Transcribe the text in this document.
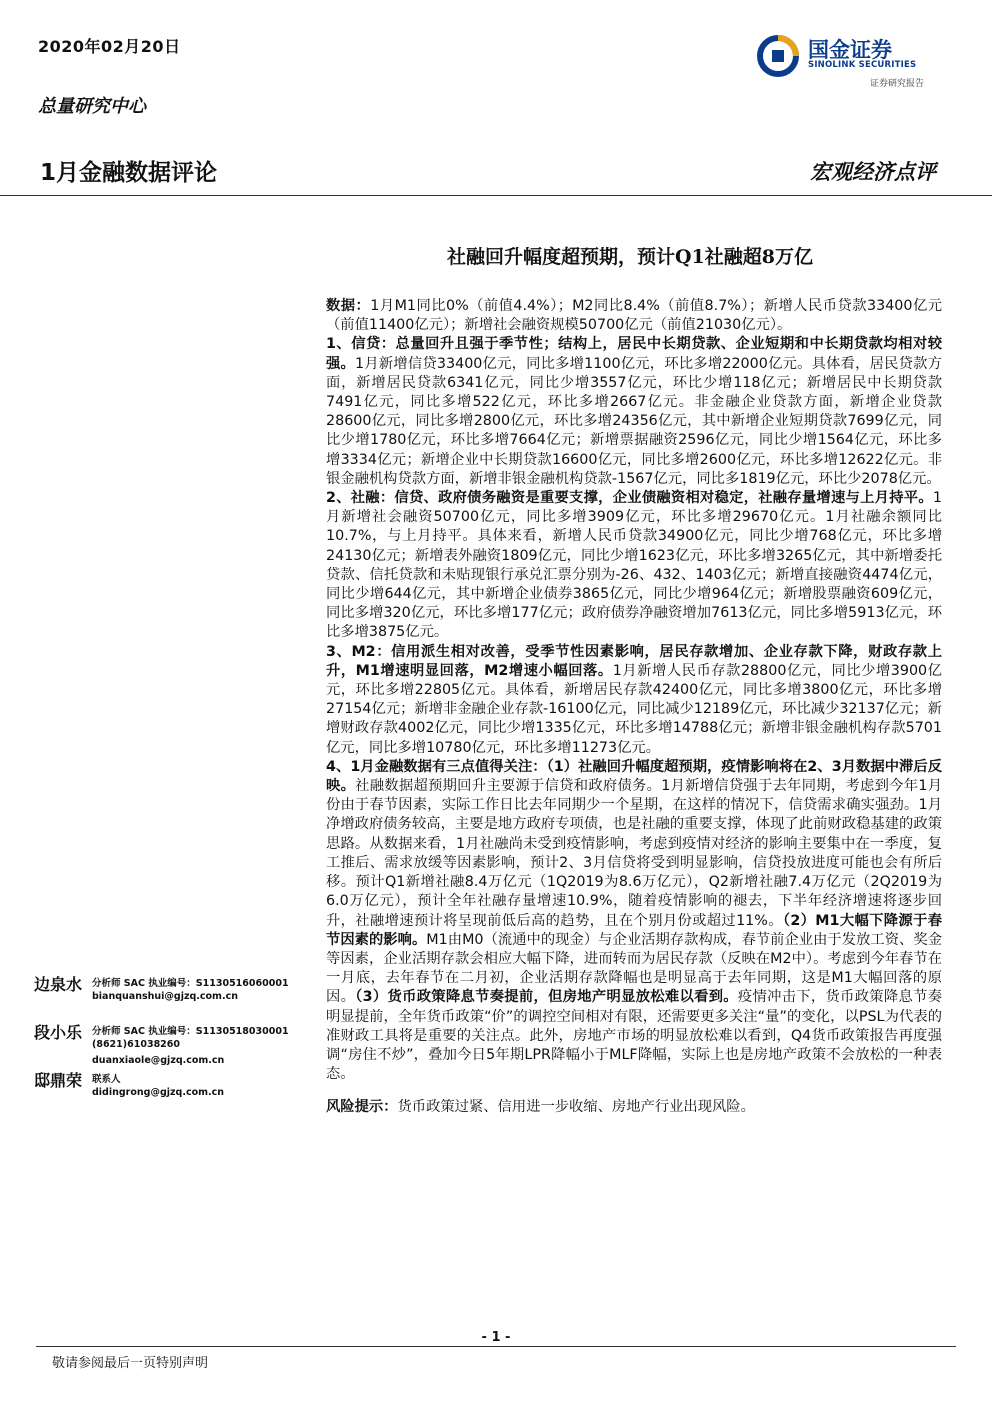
2020年02月20日
总量研究中心
国金证券
SINOLINK SECURITIES
证券研究报告
1月金融数据评论	宏观经济点评
社融回升幅度超预期，预计Q1社融超8万亿

数据：1月M1同比0%（前值4.4%）；M2同比8.4%（前值8.7%）；新增人民币贷款33400亿元（前值11400亿元）；新增社会融资规模50700亿元（前值21030亿元）。

1、信贷：总量回升且强于季节性；结构上，居民中长期贷款、企业短期和中长期贷款均相对较强。1月新增信贷33400亿元，同比多增1100亿元，环比多增22000亿元。具体看，居民贷款方面，新增居民贷款6341亿元，同比少增3557亿元，环比少增118亿元；新增居民中长期贷款7491亿元，同比多增522亿元，环比多增2667亿元。非金融企业贷款方面，新增企业贷款28600亿元，同比多增2800亿元，环比多增24356亿元，其中新增企业短期贷款7699亿元，同比少增1780亿元，环比多增7664亿元；新增票据融资2596亿元，同比少增1564亿元，环比多增3334亿元；新增企业中长期贷款16600亿元，同比多增2600亿元，环比多增12622亿元。非银金融机构贷款方面，新增非银金融机构贷款-1567亿元，同比多1819亿元，环比少2078亿元。

2、社融：信贷、政府债务融资是重要支撑，企业债融资相对稳定，社融存量增速与上月持平。1月新增社会融资50700亿元，同比多增3909亿元，环比多增29670亿元。1月社融余额同比10.7%，与上月持平。具体来看，新增人民币贷款34900亿元，同比少增768亿元，环比多增24130亿元；新增表外融资1809亿元，同比少增1623亿元，环比多增3265亿元，其中新增委托贷款、信托贷款和未贴现银行承兑汇票分别为-26、432、1403亿元；新增直接融资4474亿元，同比少增644亿元，其中新增企业债券3865亿元，同比少增964亿元；新增股票融资609亿元，同比多增320亿元，环比多增177亿元；政府债券净融资增加7613亿元，同比多增5913亿元，环比多增3875亿元。

3、M2：信用派生相对改善，受季节性因素影响，居民存款增加、企业存款下降，财政存款上升，M1增速明显回落，M2增速小幅回落。1月新增人民币存款28800亿元，同比少增3900亿元，环比多增22805亿元。具体看，新增居民存款42400亿元，同比多增3800亿元，环比多增27154亿元；新增非金融企业存款-16100亿元，同比减少12189亿元，环比减少32137亿元；新增财政存款4002亿元，同比少增1335亿元，环比多增14788亿元；新增非银金融机构存款5701亿元，同比多增10780亿元，环比多增11273亿元。

4、1月金融数据有三点值得关注：（1）社融回升幅度超预期，疫情影响将在2、3月数据中滞后反映。社融数据超预期回升主要源于信贷和政府债务。1月新增信贷强于去年同期，考虑到今年1月份由于春节因素，实际工作日比去年同期少一个星期，在这样的情况下，信贷需求确实强劲。1月净增政府债务较高，主要是地方政府专项债，也是社融的重要支撑，体现了此前财政稳基建的政策思路。从数据来看，1月社融尚未受到疫情影响，考虑到疫情对经济的影响主要集中在一季度，复工推后、需求放缓等因素影响，预计2、3月信贷将受到明显影响，信贷投放进度可能也会有所后移。预计Q1新增社融8.4万亿元（1Q2019为8.6万亿元），Q2新增社融7.4万亿元（2Q2019为6.0万亿元），预计全年社融存量增速10.9%，随着疫情影响的褪去，下半年经济增速将逐步回升，社融增速预计将呈现前低后高的趋势，且在个别月份或超过11%。（2）M1大幅下降源于春节因素的影响。M1由M0（流通中的现金）与企业活期存款构成，春节前企业由于发放工资、奖金等因素，企业活期存款会相应大幅下降，进而转而为居民存款（反映在M2中）。考虑到今年春节在一月底，去年春节在二月初，企业活期存款降幅也是明显高于去年同期，这是M1大幅回落的原因。（3）货币政策降息节奏提前，但房地产明显放松难以看到。疫情冲击下，货币政策降息节奏明显提前，全年货币政策“价”的调控空间相对有限，还需要更多关注“量”的变化，以PSL为代表的准财政工具将是重要的关注点。此外，房地产市场的明显放松难以看到，Q4货币政策报告再度强调“房住不炒”，叠加今日5年期LPR降幅小于MLF降幅，实际上也是房地产政策不会放松的一种表态。

风险提示：货币政策过紧、信用进一步收缩、房地产行业出现风险。

边泉水 分析师 SAC 执业编号：S1130516060001
bianquanshui@gjzq.com.cn
段小乐 分析师 SAC 执业编号：S1130518030001
(8621)61038260
duanxiaole@gjzq.com.cn
邸鼎荣 联系人
didingrong@gjzq.com.cn
- 1 -
敬请参阅最后一页特别声明
